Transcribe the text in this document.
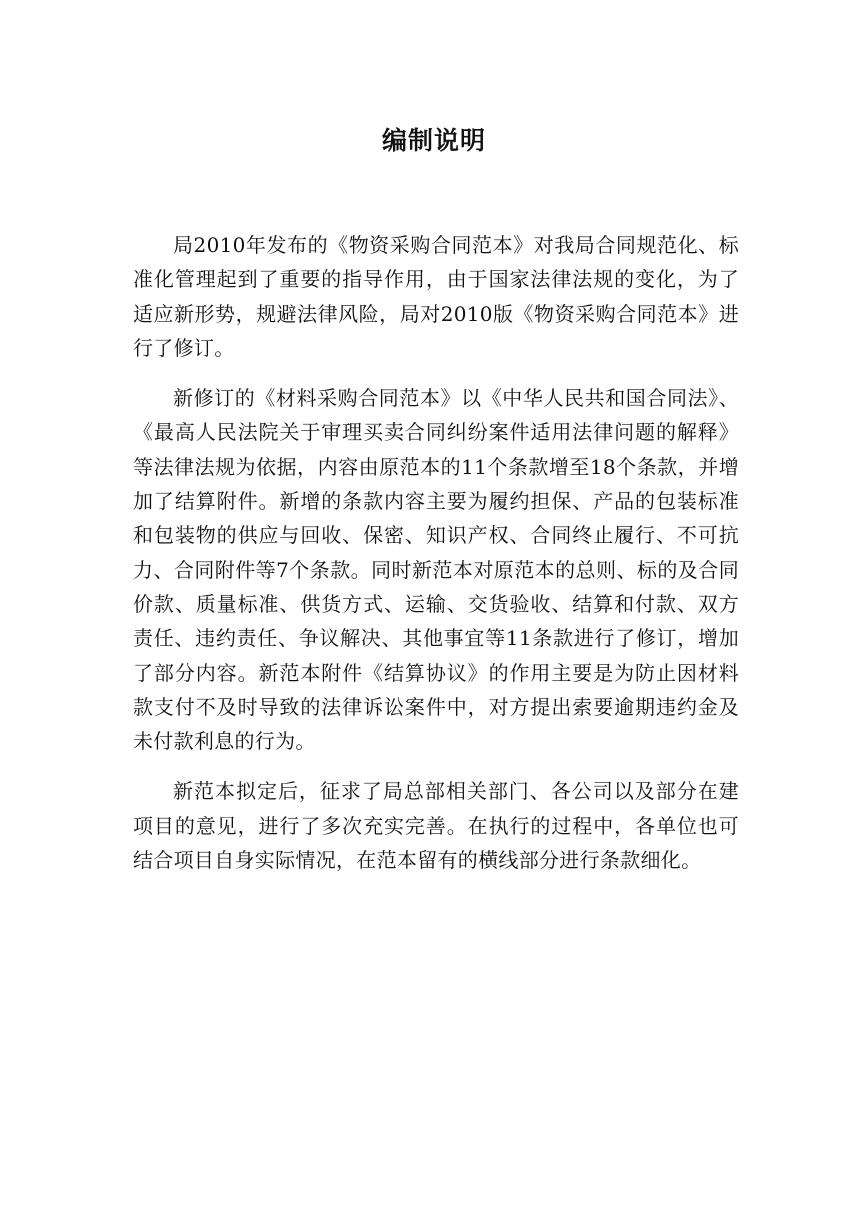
编制说明

局2010年发布的《物资采购合同范本》对我局合同规范化、标准化管理起到了重要的指导作用，由于国家法律法规的变化，为了适应新形势，规避法律风险，局对2010版《物资采购合同范本》进行了修订。

新修订的《材料采购合同范本》以《中华人民共和国合同法》、《最高人民法院关于审理买卖合同纠纷案件适用法律问题的解释》等法律法规为依据，内容由原范本的11个条款增至18个条款，并增加了结算附件。新增的条款内容主要为履约担保、产品的包装标准和包装物的供应与回收、保密、知识产权、合同终止履行、不可抗力、合同附件等7个条款。同时新范本对原范本的总则、标的及合同价款、质量标准、供货方式、运输、交货验收、结算和付款、双方责任、违约责任、争议解决、其他事宜等11条款进行了修订，增加了部分内容。新范本附件《结算协议》的作用主要是为防止因材料款支付不及时导致的法律诉讼案件中，对方提出索要逾期违约金及未付款利息的行为。

新范本拟定后，征求了局总部相关部门、各公司以及部分在建项目的意见，进行了多次充实完善。在执行的过程中，各单位也可结合项目自身实际情况，在范本留有的横线部分进行条款细化。
